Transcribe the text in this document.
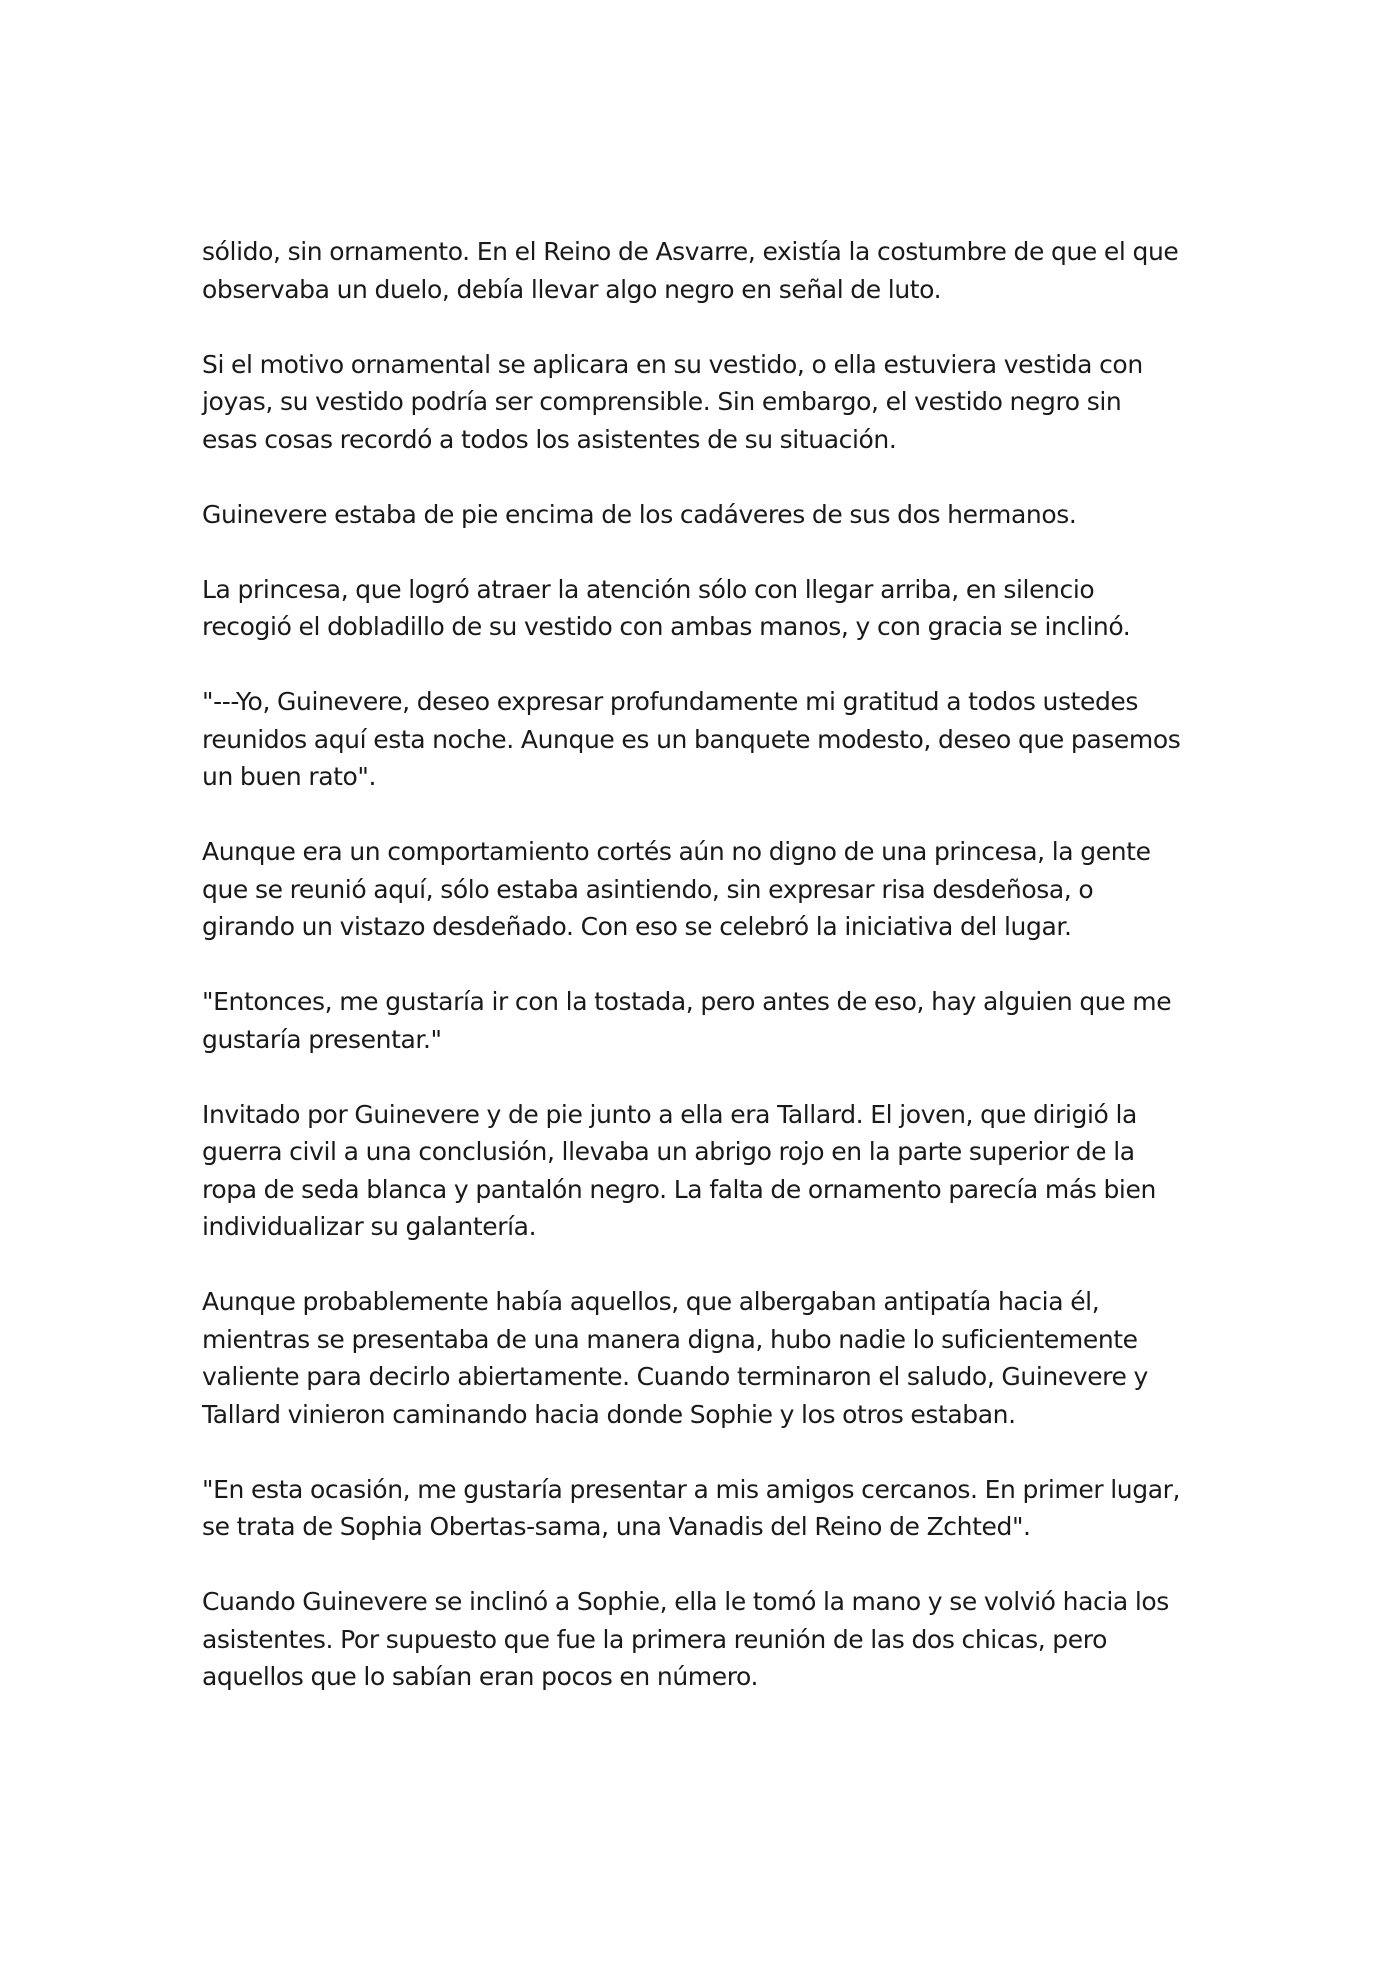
sólido, sin ornamento. En el Reino de Asvarre, existía la costumbre de que el que
observaba un duelo, debía llevar algo negro en señal de luto.

Si el motivo ornamental se aplicara en su vestido, o ella estuviera vestida con
joyas, su vestido podría ser comprensible. Sin embargo, el vestido negro sin
esas cosas recordó a todos los asistentes de su situación.

Guinevere estaba de pie encima de los cadáveres de sus dos hermanos.

La princesa, que logró atraer la atención sólo con llegar arriba, en silencio
recogió el dobladillo de su vestido con ambas manos, y con gracia se inclinó.

"---Yo, Guinevere, deseo expresar profundamente mi gratitud a todos ustedes
reunidos aquí esta noche. Aunque es un banquete modesto, deseo que pasemos
un buen rato".

Aunque era un comportamiento cortés aún no digno de una princesa, la gente
que se reunió aquí, sólo estaba asintiendo, sin expresar risa desdeñosa, o
girando un vistazo desdeñado. Con eso se celebró la iniciativa del lugar.

"Entonces, me gustaría ir con la tostada, pero antes de eso, hay alguien que me
gustaría presentar."

Invitado por Guinevere y de pie junto a ella era Tallard. El joven, que dirigió la
guerra civil a una conclusión, llevaba un abrigo rojo en la parte superior de la
ropa de seda blanca y pantalón negro. La falta de ornamento parecía más bien
individualizar su galantería.

Aunque probablemente había aquellos, que albergaban antipatía hacia él,
mientras se presentaba de una manera digna, hubo nadie lo suficientemente
valiente para decirlo abiertamente. Cuando terminaron el saludo, Guinevere y
Tallard vinieron caminando hacia donde Sophie y los otros estaban.

"En esta ocasión, me gustaría presentar a mis amigos cercanos. En primer lugar,
se trata de Sophia Obertas-sama, una Vanadis del Reino de Zchted".

Cuando Guinevere se inclinó a Sophie, ella le tomó la mano y se volvió hacia los
asistentes. Por supuesto que fue la primera reunión de las dos chicas, pero
aquellos que lo sabían eran pocos en número.
